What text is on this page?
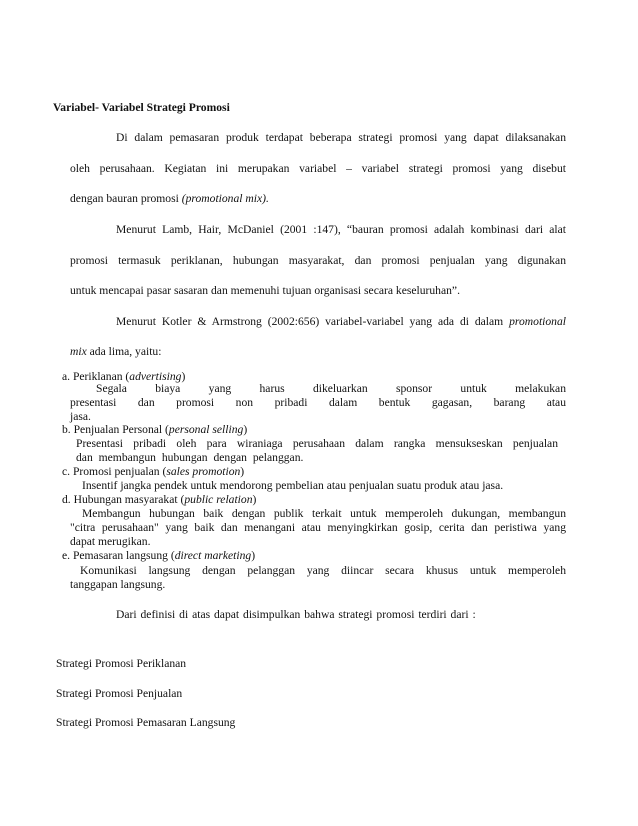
Variabel- Variabel Strategi Promosi
Di dalam pemasaran produk terdapat beberapa strategi promosi yang dapat dilaksanakan
oleh perusahaan. Kegiatan ini merupakan variabel – variabel strategi promosi yang disebut
dengan bauran promosi (promotional mix).
Menurut Lamb, Hair, McDaniel (2001 :147), “bauran promosi adalah kombinasi dari alat
promosi termasuk periklanan, hubungan masyarakat, dan promosi penjualan yang digunakan
untuk mencapai pasar sasaran dan memenuhi tujuan organisasi secara keseluruhan”.
Menurut Kotler & Armstrong (2002:656) variabel-variabel yang ada di dalam promotional
mix ada lima, yaitu:
a. Periklanan (advertising)
Segala biaya yang harus dikeluarkan sponsor untuk melakukan
presentasi dan promosi non pribadi dalam bentuk gagasan, barang atau
jasa.
b. Penjualan Personal (personal selling)
Presentasi pribadi oleh para wiraniaga perusahaan dalam rangka mensukseskan penjualan
dan membangun hubungan dengan pelanggan.
c. Promosi penjualan (sales promotion)
Insentif jangka pendek untuk mendorong pembelian atau penjualan suatu produk atau jasa.
d. Hubungan masyarakat (public relation)
Membangun hubungan baik dengan publik terkait untuk memperoleh dukungan, membangun
"citra perusahaan" yang baik dan menangani atau menyingkirkan gosip, cerita dan peristiwa yang
dapat merugikan.
e. Pemasaran langsung (direct marketing)
Komunikasi langsung dengan pelanggan yang diincar secara khusus untuk memperoleh
tanggapan langsung.
Dari definisi di atas dapat disimpulkan bahwa strategi promosi terdiri dari :
Strategi Promosi Periklanan
Strategi Promosi Penjualan
Strategi Promosi Pemasaran Langsung
